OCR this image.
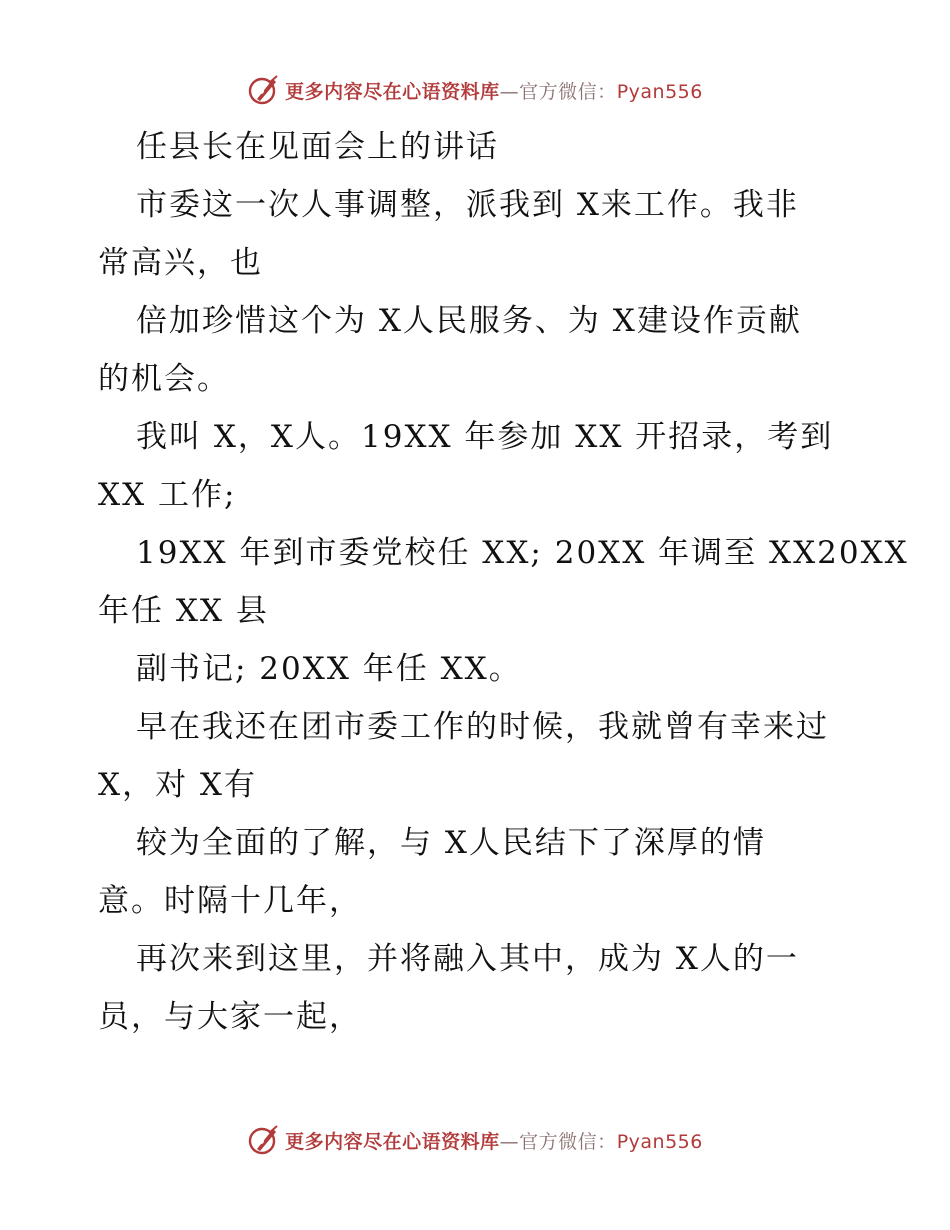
更多内容尽在心语资料库—官方微信：Pyan556
任县长在见面会上的讲话
市委这一次人事调整，派我到 X来工作。我非
常高兴，也
倍加珍惜这个为 X人民服务、为 X建设作贡献
的机会。
我叫 X，X人。19XX 年参加 XX 开招录，考到
XX 工作;
19XX 年到市委党校任 XX; 20XX 年调至 XX20XX
年任 XX 县
副书记; 20XX 年任 XX。
早在我还在团市委工作的时候，我就曾有幸来过
X，对 X有
较为全面的了解，与 X人民结下了深厚的情
意。时隔十几年，
再次来到这里，并将融入其中，成为 X人的一
员，与大家一起，
更多内容尽在心语资料库—官方微信：Pyan556
